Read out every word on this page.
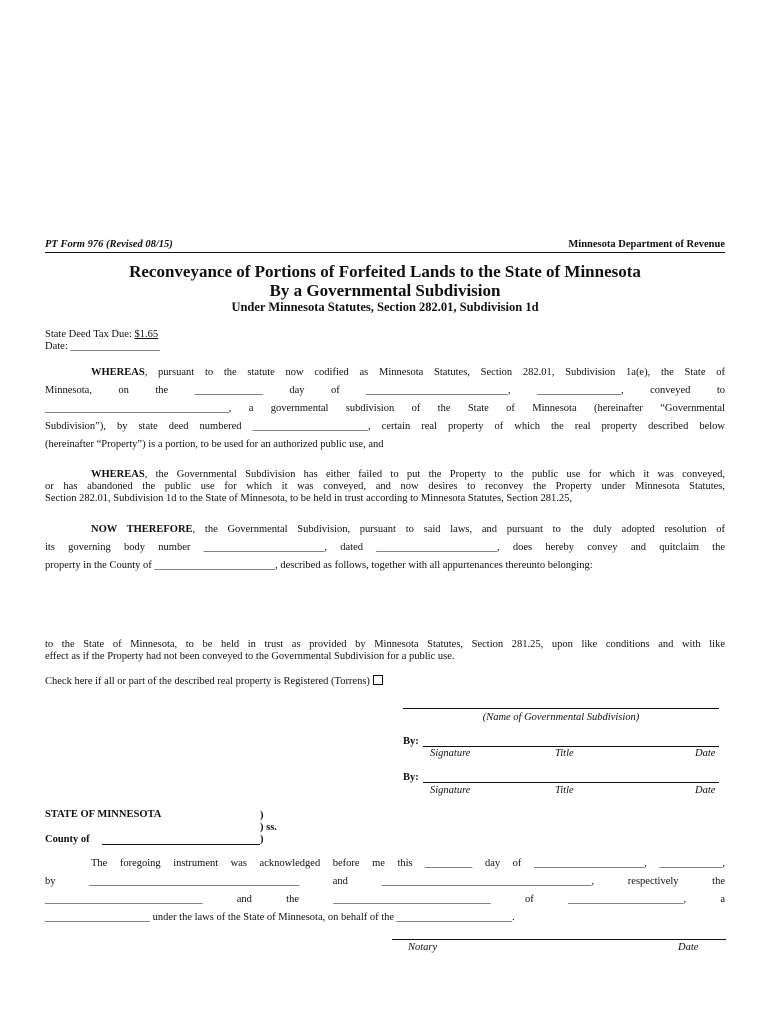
PT Form 976 (Revised 08/15)	Minnesota Department of Revenue
Reconveyance of Portions of Forfeited Lands to the State of Minnesota
By a Governmental Subdivision
Under Minnesota Statutes, Section 282.01, Subdivision 1d
State Deed Tax Due: $1.65
Date: _________________
WHEREAS, pursuant to the statute now codified as Minnesota Statutes, Section 282.01, Subdivision 1a(e), the State of
Minnesota, on the _____________ day of ___________________________, ________________, conveyed to
___________________________________, a governmental subdivision of the State of Minnesota (hereinafter “Governmental
Subdivision”), by state deed numbered ______________________, certain real property of which the real property described below
(hereinafter “Property”) is a portion, to be used for an authorized public use, and
WHEREAS, the Governmental Subdivision has either failed to put the Property to the public use for which it was conveyed,
or has abandoned the public use for which it was conveyed, and now desires to reconvey the Property under Minnesota Statutes,
Section 282.01, Subdivision 1d to the State of Minnesota, to be held in trust according to Minnesota Statutes, Section 281.25,
NOW THEREFORE, the Governmental Subdivision, pursuant to said laws, and pursuant to the duly adopted resolution of
its governing body number _______________________, dated _______________________, does hereby convey and quitclaim the
property in the County of _______________________, described as follows, together with all appurtenances thereunto belonging:
to the State of Minnesota, to be held in trust as provided by Minnesota Statutes, Section 281.25, upon like conditions and with like
effect as if the Property had not been conveyed to the Governmental Subdivision for a public use.
Check here if all or part of the described real property is Registered (Torrens)
(Name of Governmental Subdivision)
By:
Signature	Title	Date
By:
Signature	Title	Date
STATE OF MINNESOTA	)
) ss.
County of	)
The foregoing instrument was acknowledged before me this _________ day of _____________________, ____________,
by ________________________________________ and ________________________________________, respectively the
______________________________ and the ______________________________ of ______________________, a
____________________ under the laws of the State of Minnesota, on behalf of the ______________________.
Notary	Date
